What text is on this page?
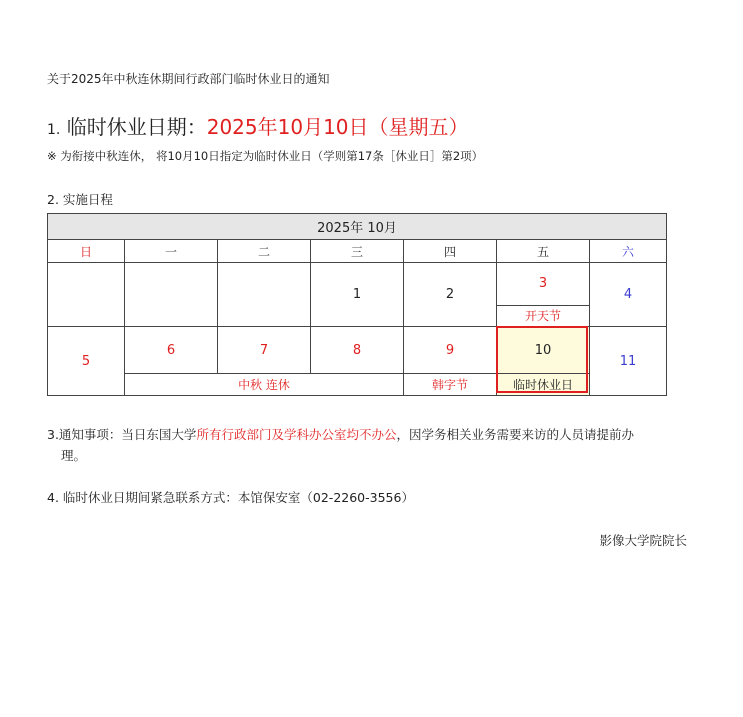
关于2025年中秋连休期间行政部门临时休业日的通知
1. 临时休业日期：2025年10月10日（星期五）
※ 为衔接中秋连休， 将10月10日指定为临时休业日（学则第17条［休业日］第2项）
2. 实施日程
2025年 10月						
日	一	二	三	四	五	六
			1	2	3	4
					开天节	
5	6	7	8	9	10	11
	中秋 连休			韩字节	临时休业日	
3.通知事项：当日东国大学所有行政部门及学科办公室均不办公，因学务相关业务需要来访的人员请提前办
理。
4. 临时休业日期间紧急联系方式：本馆保安室（02-2260-3556）
影像大学院院长
